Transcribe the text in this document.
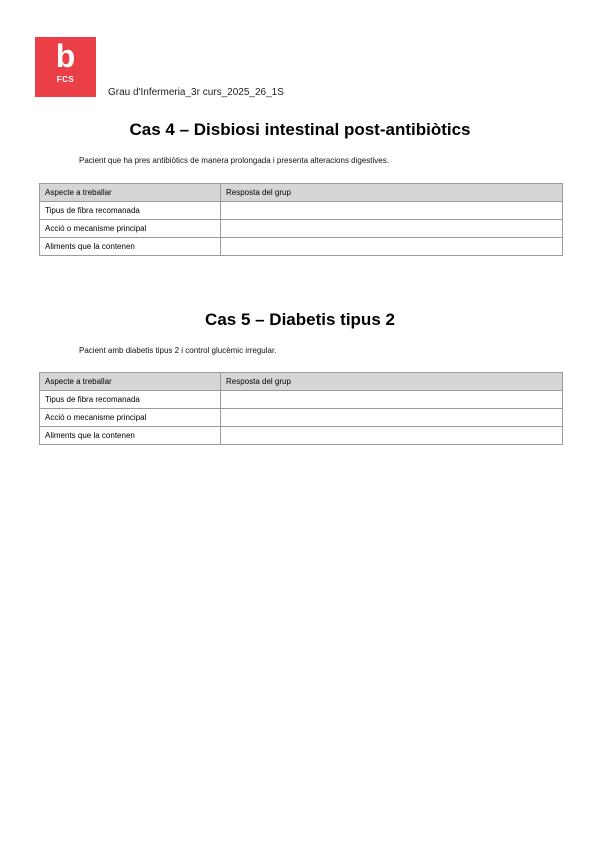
b
FCS
Grau d'Infermeria_3r curs_2025_26_1S
Cas 4 – Disbiosi intestinal post-antibiòtics
Pacient que ha pres antibiòtics de manera prolongada i presenta alteracions digestives.
Aspecte a treballar	Resposta del grup
Tipus de fibra recomanada	
Acció o mecanisme principal	
Aliments que la contenen	
Cas 5 – Diabetis tipus 2
Pacient amb diabetis tipus 2 i control glucèmic irregular.
Aspecte a treballar	Resposta del grup
Tipus de fibra recomanada	
Acció o mecanisme principal	
Aliments que la contenen	
